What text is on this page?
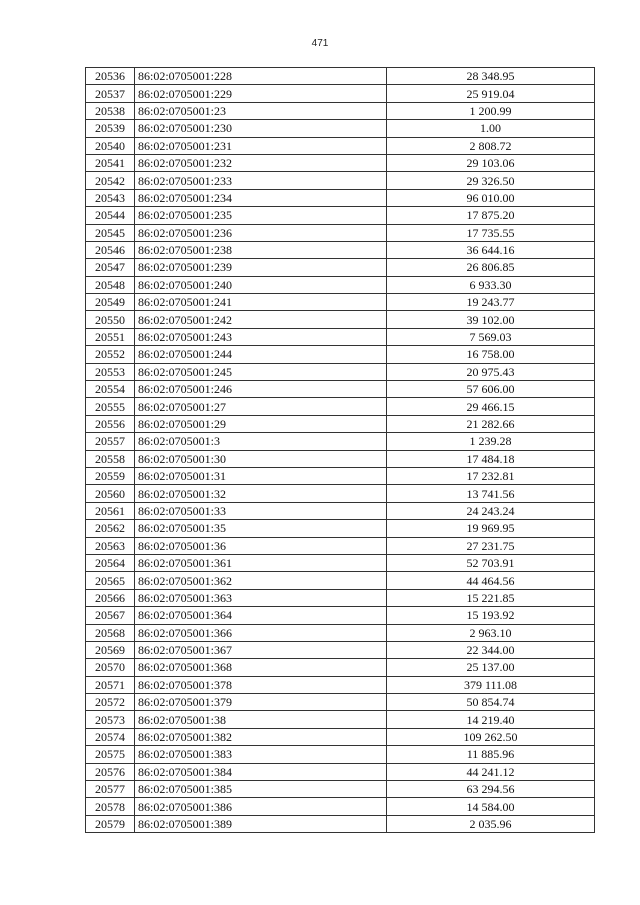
471
20536	86:02:0705001:228	28 348.95
20537	86:02:0705001:229	25 919.04
20538	86:02:0705001:23	1 200.99
20539	86:02:0705001:230	1.00
20540	86:02:0705001:231	2 808.72
20541	86:02:0705001:232	29 103.06
20542	86:02:0705001:233	29 326.50
20543	86:02:0705001:234	96 010.00
20544	86:02:0705001:235	17 875.20
20545	86:02:0705001:236	17 735.55
20546	86:02:0705001:238	36 644.16
20547	86:02:0705001:239	26 806.85
20548	86:02:0705001:240	6 933.30
20549	86:02:0705001:241	19 243.77
20550	86:02:0705001:242	39 102.00
20551	86:02:0705001:243	7 569.03
20552	86:02:0705001:244	16 758.00
20553	86:02:0705001:245	20 975.43
20554	86:02:0705001:246	57 606.00
20555	86:02:0705001:27	29 466.15
20556	86:02:0705001:29	21 282.66
20557	86:02:0705001:3	1 239.28
20558	86:02:0705001:30	17 484.18
20559	86:02:0705001:31	17 232.81
20560	86:02:0705001:32	13 741.56
20561	86:02:0705001:33	24 243.24
20562	86:02:0705001:35	19 969.95
20563	86:02:0705001:36	27 231.75
20564	86:02:0705001:361	52 703.91
20565	86:02:0705001:362	44 464.56
20566	86:02:0705001:363	15 221.85
20567	86:02:0705001:364	15 193.92
20568	86:02:0705001:366	2 963.10
20569	86:02:0705001:367	22 344.00
20570	86:02:0705001:368	25 137.00
20571	86:02:0705001:378	379 111.08
20572	86:02:0705001:379	50 854.74
20573	86:02:0705001:38	14 219.40
20574	86:02:0705001:382	109 262.50
20575	86:02:0705001:383	11 885.96
20576	86:02:0705001:384	44 241.12
20577	86:02:0705001:385	63 294.56
20578	86:02:0705001:386	14 584.00
20579	86:02:0705001:389	2 035.96
